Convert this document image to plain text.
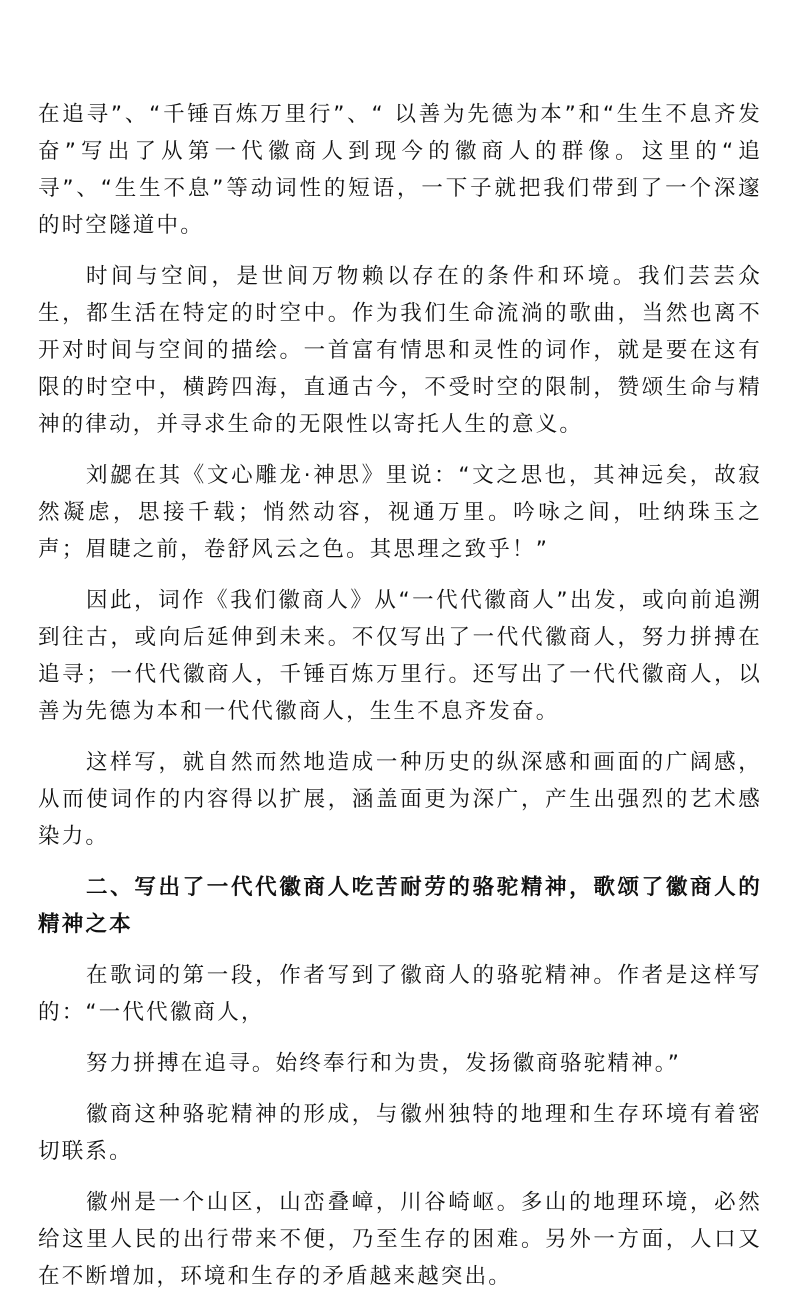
在追寻”、“千锤百炼万里行”、“ 以善为先德为本”和“生生不息齐发奋”写出了从第一代徽商人到现今的徽商人的群像。这里的“追寻”、“生生不息”等动词性的短语，一下子就把我们带到了一个深邃的时空隧道中。

时间与空间，是世间万物赖以存在的条件和环境。我们芸芸众生，都生活在特定的时空中。作为我们生命流淌的歌曲，当然也离不开对时间与空间的描绘。一首富有情思和灵性的词作，就是要在这有限的时空中，横跨四海，直通古今，不受时空的限制，赞颂生命与精神的律动，并寻求生命的无限性以寄托人生的意义。

刘勰在其《文心雕龙·神思》里说：“文之思也，其神远矣，故寂然凝虑，思接千载；悄然动容，视通万里。吟咏之间，吐纳珠玉之声；眉睫之前，卷舒风云之色。其思理之致乎！”

因此，词作《我们徽商人》从“一代代徽商人”出发，或向前追溯到往古，或向后延伸到未来。不仅写出了一代代徽商人，努力拼搏在追寻；一代代徽商人，千锤百炼万里行。还写出了一代代徽商人，以善为先德为本和一代代徽商人，生生不息齐发奋。

这样写，就自然而然地造成一种历史的纵深感和画面的广阔感，从而使词作的内容得以扩展，涵盖面更为深广，产生出强烈的艺术感染力。

二、写出了一代代徽商人吃苦耐劳的骆驼精神，歌颂了徽商人的精神之本

在歌词的第一段，作者写到了徽商人的骆驼精神。作者是这样写的：“一代代徽商人，

努力拼搏在追寻。始终奉行和为贵，发扬徽商骆驼精神。”

徽商这种骆驼精神的形成，与徽州独特的地理和生存环境有着密切联系。

徽州是一个山区，山峦叠嶂，川谷崎岖。多山的地理环境，必然给这里人民的出行带来不便，乃至生存的困难。另外一方面，人口又在不断增加，环境和生存的矛盾越来越突出。
